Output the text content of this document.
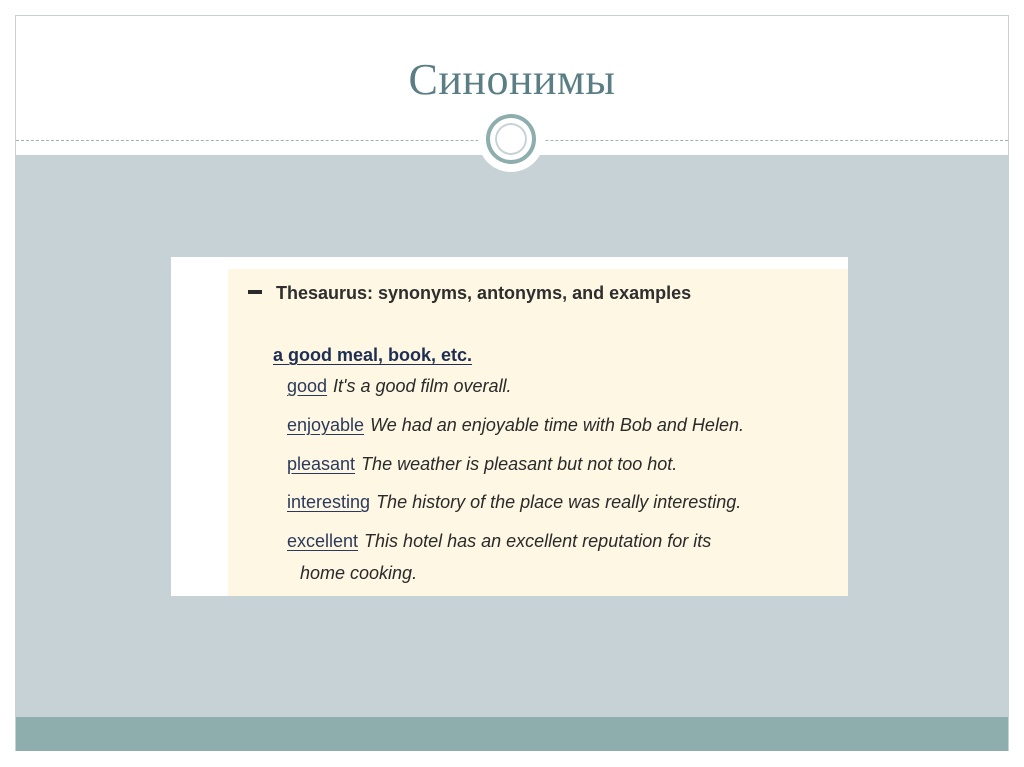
Синонимы
Thesaurus: synonyms, antonyms, and examples
a good meal, book, etc.
good It's a good film overall.
enjoyable We had an enjoyable time with Bob and Helen.
pleasant The weather is pleasant but not too hot.
interesting The history of the place was really interesting.
excellent This hotel has an excellent reputation for its
home cooking.
